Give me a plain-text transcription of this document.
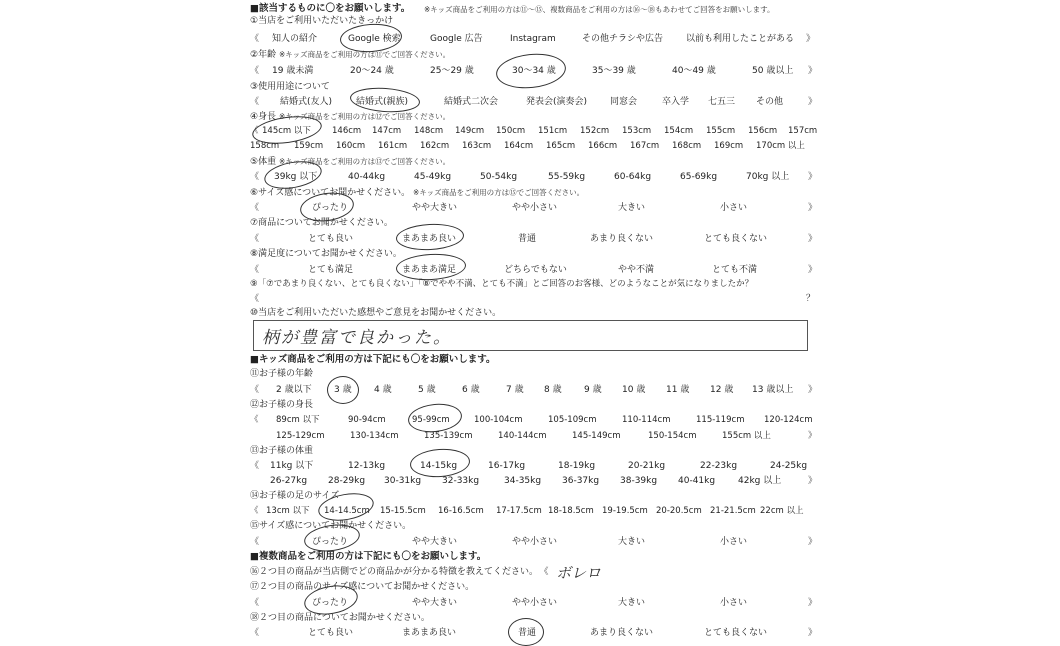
■該当するものに〇をお願いします。 ※キッズ商品をご利用の方は⑪〜⑮、複数商品をご利用の方は⑯〜⑱もあわせてご回答をお願いします。
①当店をご利用いただいたきっかけ
《 知人の紹介	Google 検索	Google 広告	Instagram	その他チラシや広告	以前も利用したことがある 》
②年齢 ※キッズ商品をご利用の方は⑪でご回答ください。
《 19 歳未満	20〜24 歳	25〜29 歳	30〜34 歳	35〜39 歳	40〜49 歳	50 歳以上 》
③使用用途について
《 結婚式(友人)	結婚式(親族)	結婚式二次会	発表会(演奏会)	同窓会	卒入学 七五三 その他	》
④身長 ※キッズ商品をご利用の方は⑫でご回答ください。
《 145cm 以下 146cm 147cm 148cm 149cm 150cm 151cm 152cm 153cm 154cm 155cm 156cm 157cm
158cm 159cm 160cm 161cm 162cm 163cm 164cm 165cm 166cm 167cm 168cm 169cm 170cm 以上
⑤体重 ※キッズ商品をご利用の方は⑬でご回答ください。
《 39kg 以下	40-44kg	45-49kg	50-54kg	55-59kg	60-64kg	65-69kg	70kg 以上 》
⑥サイズ感についてお聞かせください。 ※キッズ商品をご利用の方は⑮でご回答ください。
《	ぴったり	やや大きい	やや小さい	大きい	小さい	》
⑦商品についてお聞かせください。
《	とても良い	まあまあ良い	普通	あまり良くない	とても良くない	》
⑧満足度についてお聞かせください。
《	とても満足	まあまあ満足	どちらでもない	やや不満	とても不満	》
⑨「⑦であまり良くない、とても良くない」「⑧でやや不満、とても不満」とご回答のお客様、どのようなことが気になりましたか？
《	？
⑩当店をご利用いただいた感想やご意見をお聞かせください。
柄が豊富で良かった。
■キッズ商品をご利用の方は下記にも〇をお願いします。
⑪お子様の年齢
《 2 歳以下 3 歳 4 歳	5 歳	6 歳	7 歳 8 歳 9 歳 10 歳 11 歳 12 歳 13 歳以上 》
⑫お子様の身長
《 89cm 以下	90-94cm	95-99cm	100-104cm	105-109cm	110-114cm	115-119cm 120-124cm
125-129cm	130-134cm	135-139cm	140-144cm	145-149cm	150-154cm	155cm 以上	》
⑬お子様の体重
《 11kg 以下	12-13kg	14-15kg	16-17kg	18-19kg	20-21kg	22-23kg	24-25kg
26-27kg 28-29kg 30-31kg 32-33kg	34-35kg 36-37kg 38-39kg 40-41kg	42kg 以上	》
⑭お子様の足のサイズ
《 13cm 以下 14-14.5cm 15-15.5cm 16-16.5cm 17-17.5cm 18-18.5cm 19-19.5cm 20-20.5cm 21-21.5cm 22cm 以上
⑮サイズ感についてお聞かせください。
《	ぴったり	やや大きい	やや小さい	大きい	小さい	》
■複数商品をご利用の方は下記にも〇をお願いします。
⑯２つ目の商品が当店側でどの商品かが分かる特徴を教えてください。 《 ボレロ
⑰２つ目の商品のサイズ感についてお聞かせください。
《	ぴったり	やや大きい	やや小さい	大きい	小さい	》
⑱２つ目の商品についてお聞かせください。
《	とても良い	まあまあ良い	普通	あまり良くない	とても良くない	》
